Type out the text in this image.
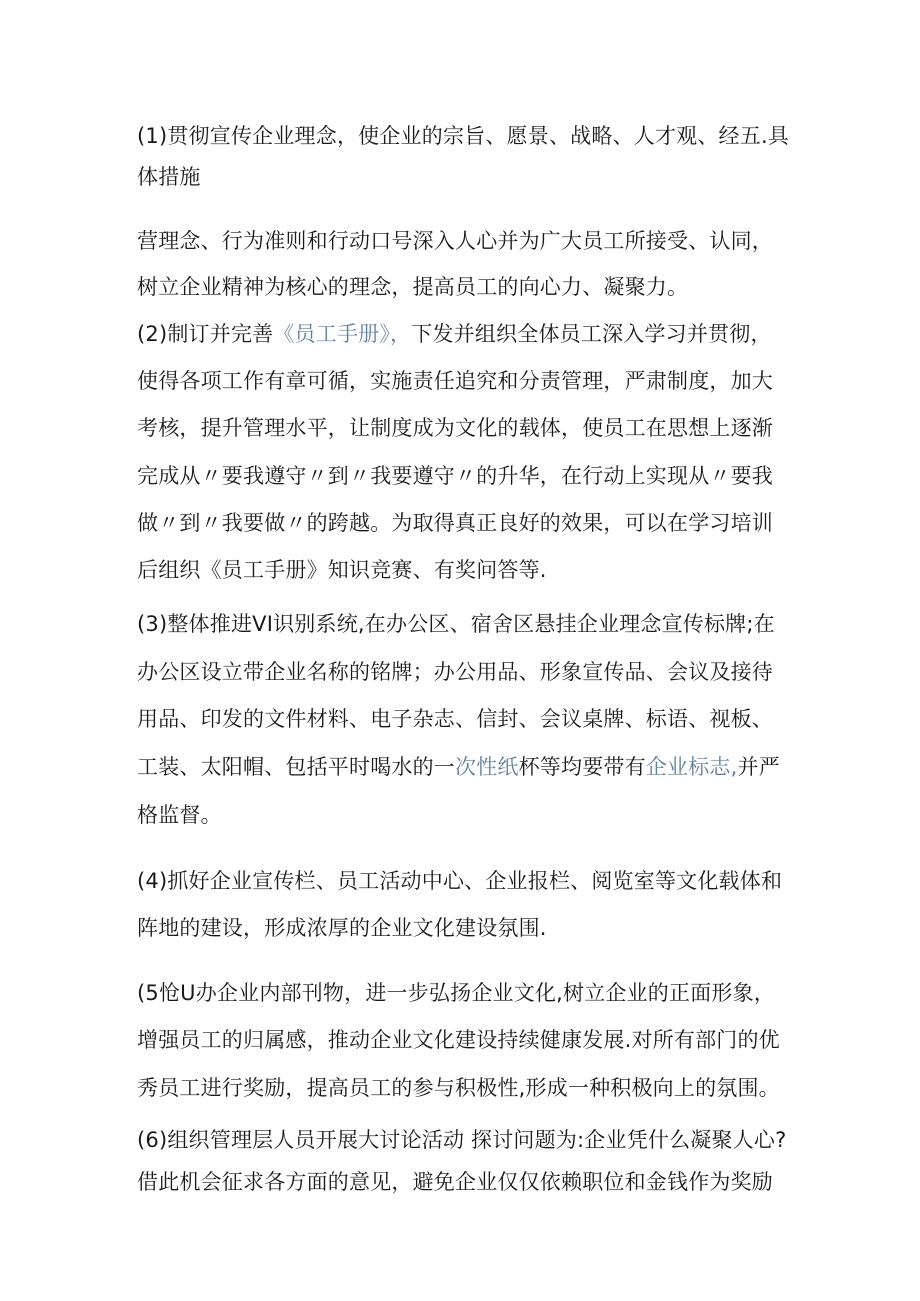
(1)贯彻宣传企业理念，使企业的宗旨、愿景、战略、人才观、经五.具
体措施
营理念、行为准则和行动口号深入人心并为广大员工所接受、认同，
树立企业精神为核心的理念，提高员工的向心力、凝聚力。
(2)制订并完善《员工手册》，下发并组织全体员工深入学习并贯彻，
使得各项工作有章可循，实施责任追究和分责管理，严肃制度，加大
考核，提升管理水平，让制度成为文化的载体，使员工在思想上逐渐
完成从〃要我遵守〃到〃我要遵守〃的升华，在行动上实现从〃要我
做〃到〃我要做〃的跨越。为取得真正良好的效果，可以在学习培训
后组织《员工手册》知识竞赛、有奖问答等.
(3)整体推进VI识别系统,在办公区、宿舍区悬挂企业理念宣传标牌;在
办公区设立带企业名称的铭牌；办公用品、形象宣传品、会议及接待
用品、印发的文件材料、电子杂志、信封、会议桌牌、标语、视板、
工装、太阳帽、包括平时喝水的一次性纸杯等均要带有企业标志,并严
格监督。
(4)抓好企业宣传栏、员工活动中心、企业报栏、阅览室等文化载体和
阵地的建设，形成浓厚的企业文化建设氛围.
(5怆U办企业内部刊物，进一步弘扬企业文化,树立企业的正面形象，
增强员工的归属感，推动企业文化建设持续健康发展.对所有部门的优
秀员工进行奖励，提高员工的参与积极性,形成一种积极向上的氛围。
(6)组织管理层人员开展大讨论活动 探讨问题为:企业凭什么凝聚人心?
借此机会征求各方面的意见，避免企业仅仅依赖职位和金钱作为奖励
